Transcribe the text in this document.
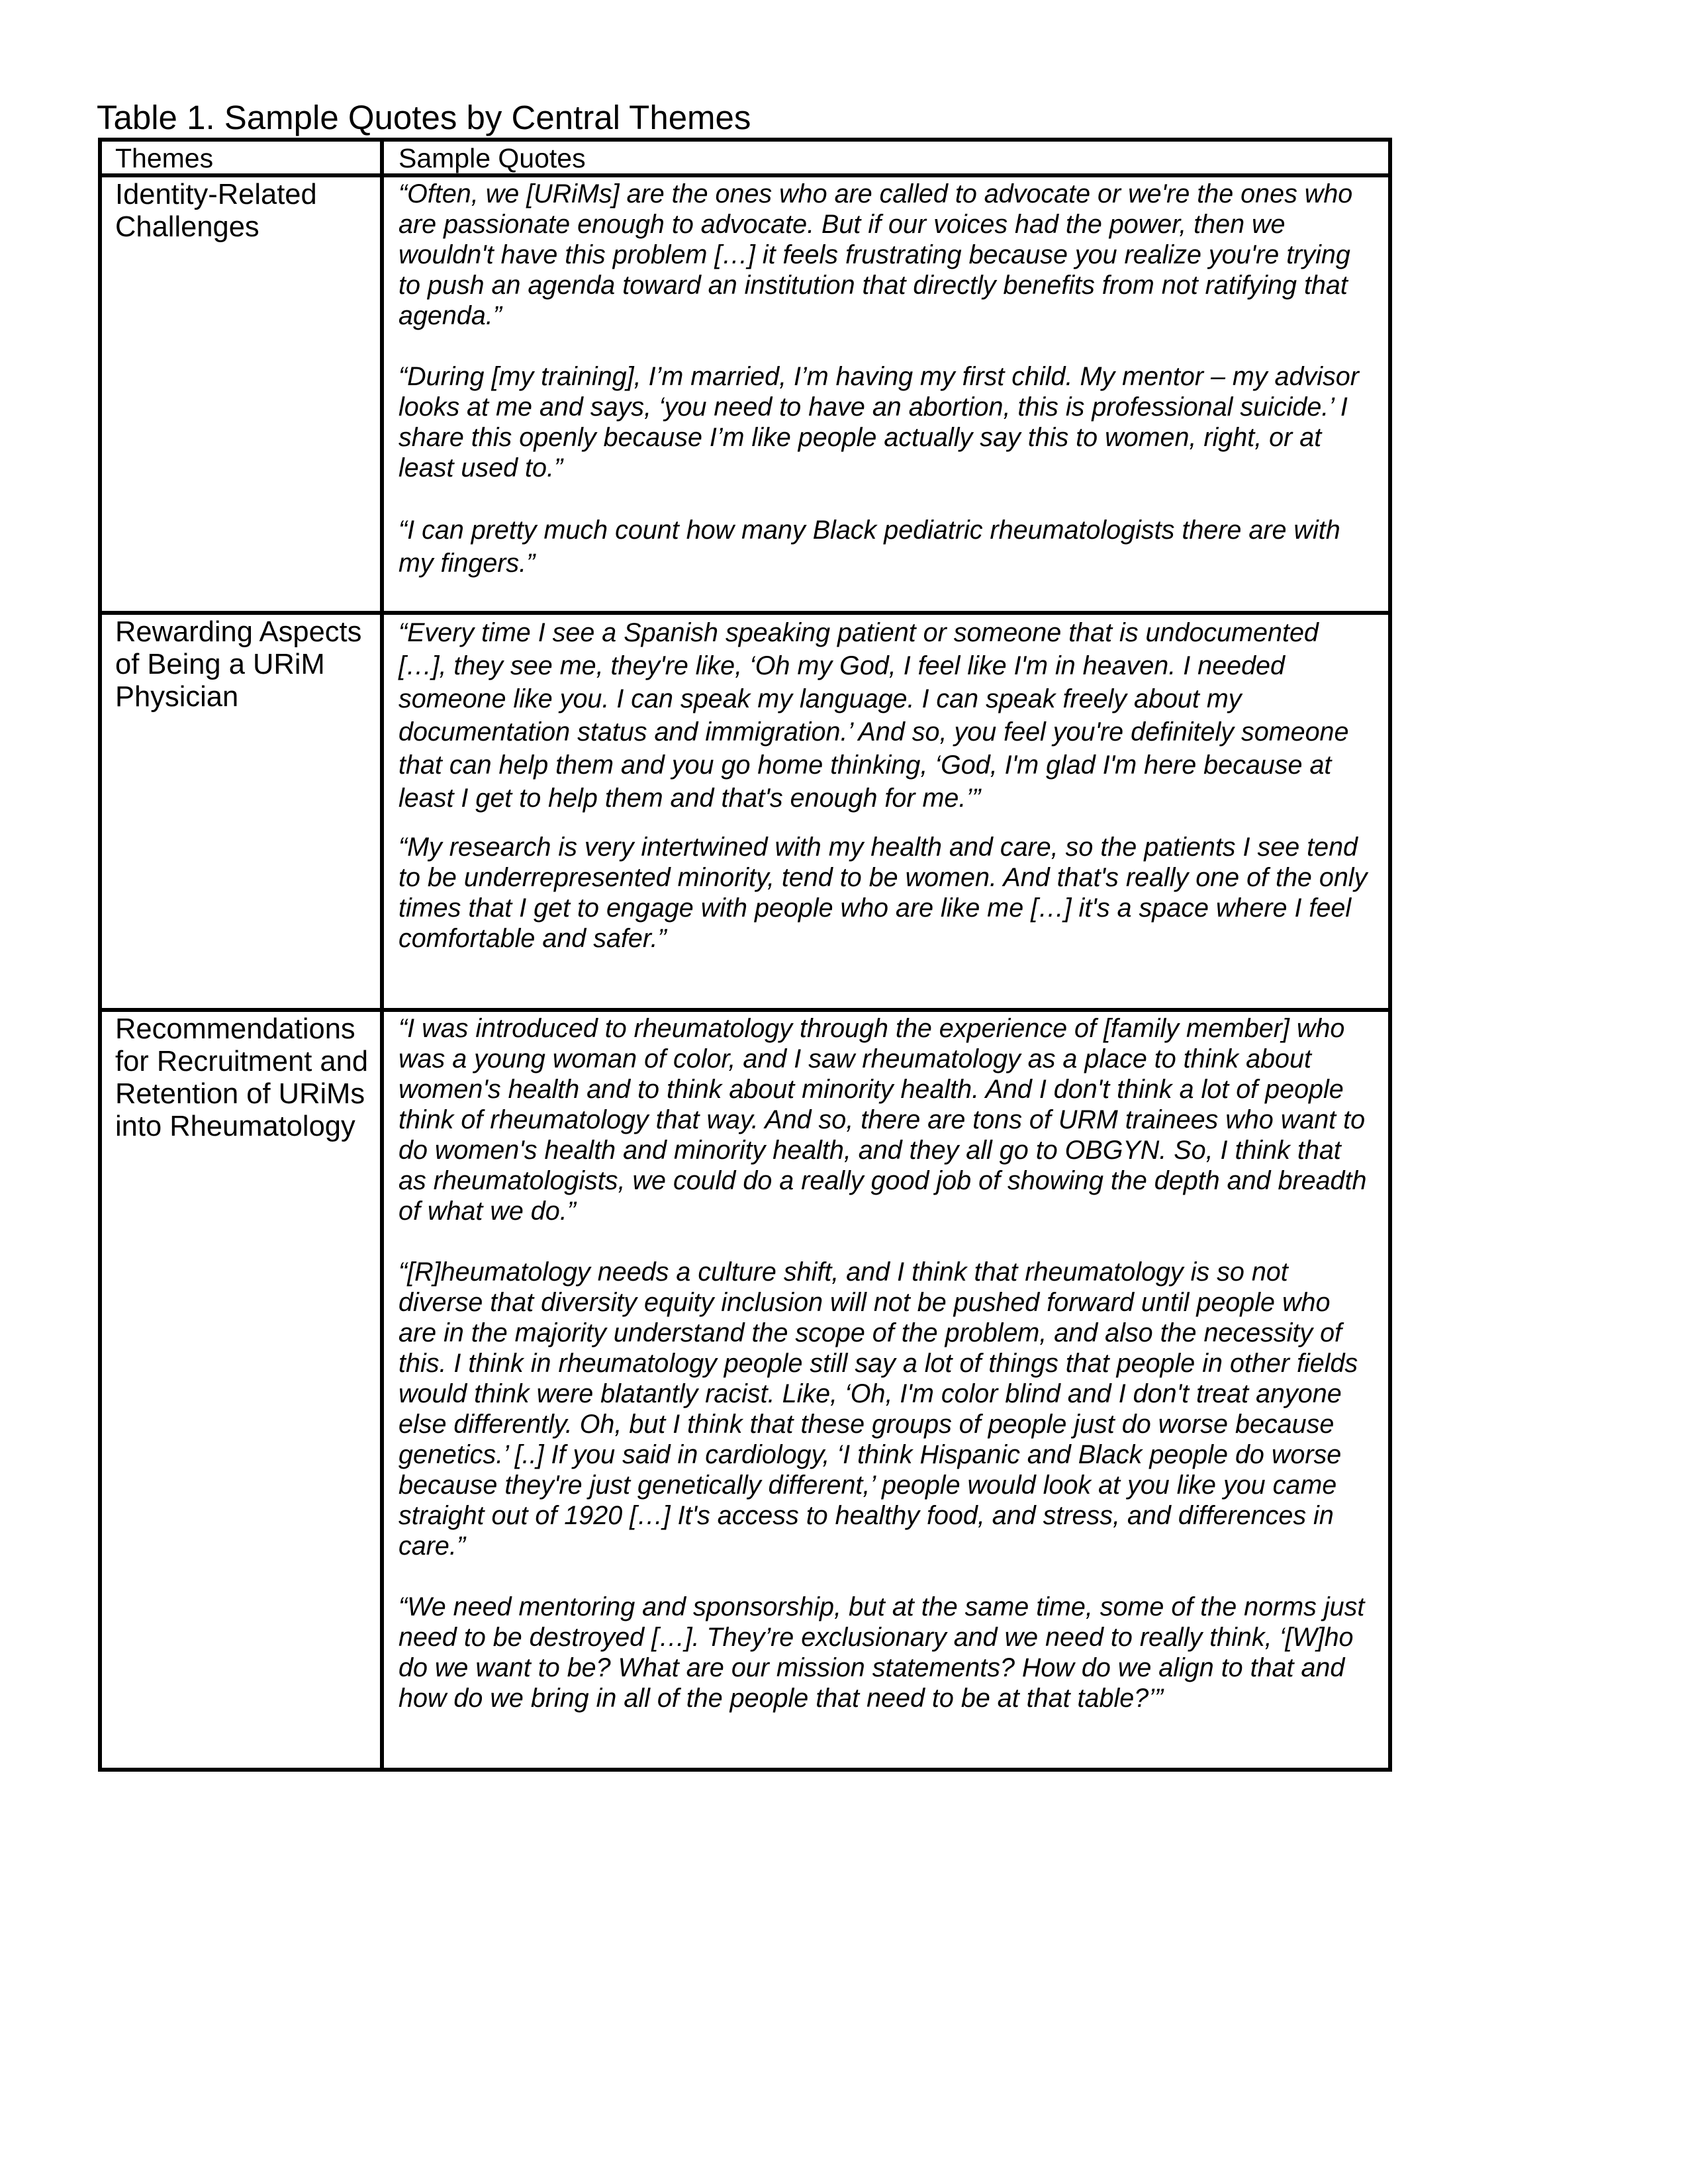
Table 1. Sample Quotes by Central Themes
Themes	Sample Quotes
Identity-Related Challenges

“Often, we [URiMs] are the ones who are called to advocate or we're the ones who are passionate enough to advocate. But if our voices had the power, then we wouldn't have this problem […] it feels frustrating because you realize you're trying to push an agenda toward an institution that directly benefits from not ratifying that agenda.”

“During [my training], I’m married, I’m having my first child. My mentor – my advisor looks at me and says, ‘you need to have an abortion, this is professional suicide.’ I share this openly because I’m like people actually say this to women, right, or at least used to.”

“I can pretty much count how many Black pediatric rheumatologists there are with my fingers.”

Rewarding Aspects of Being a URiM Physician

“Every time I see a Spanish speaking patient or someone that is undocumented […], they see me, they're like, ‘Oh my God, I feel like I'm in heaven. I needed someone like you. I can speak my language. I can speak freely about my documentation status and immigration.’ And so, you feel you're definitely someone that can help them and you go home thinking, ‘God, I'm glad I'm here because at least I get to help them and that's enough for me.’”

“My research is very intertwined with my health and care, so the patients I see tend to be underrepresented minority, tend to be women. And that's really one of the only times that I get to engage with people who are like me […] it's a space where I feel comfortable and safer.”

Recommendations for Recruitment and Retention of URiMs into Rheumatology

“I was introduced to rheumatology through the experience of [family member] who was a young woman of color, and I saw rheumatology as a place to think about women's health and to think about minority health. And I don't think a lot of people think of rheumatology that way. And so, there are tons of URM trainees who want to do women's health and minority health, and they all go to OBGYN. So, I think that as rheumatologists, we could do a really good job of showing the depth and breadth of what we do.”

“[R]heumatology needs a culture shift, and I think that rheumatology is so not diverse that diversity equity inclusion will not be pushed forward until people who are in the majority understand the scope of the problem, and also the necessity of this. I think in rheumatology people still say a lot of things that people in other fields would think were blatantly racist. Like, ‘Oh, I'm color blind and I don't treat anyone else differently. Oh, but I think that these groups of people just do worse because genetics.’ [..] If you said in cardiology, ‘I think Hispanic and Black people do worse because they're just genetically different,’ people would look at you like you came straight out of 1920 […] It's access to healthy food, and stress, and differences in care.”

“We need mentoring and sponsorship, but at the same time, some of the norms just need to be destroyed […]. They’re exclusionary and we need to really think, ‘[W]ho do we want to be? What are our mission statements? How do we align to that and how do we bring in all of the people that need to be at that table?’”
